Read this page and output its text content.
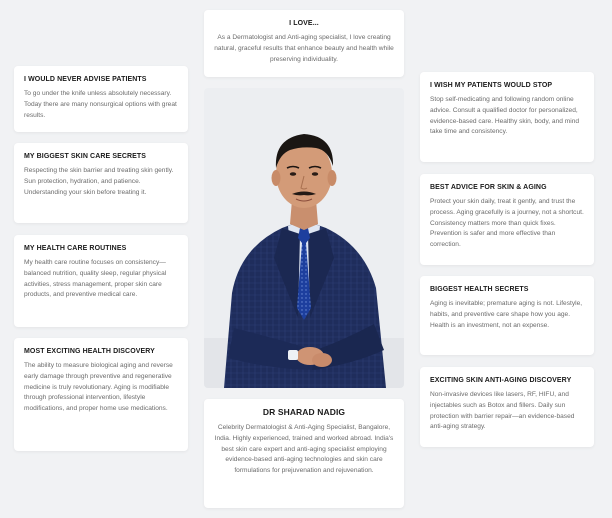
I LOVE...

As a Dermatologist and Anti-aging specialist, I love creating natural, graceful results that enhance beauty and health while preserving individuality.

I WOULD NEVER ADVISE PATIENTS

To go under the knife unless absolutely necessary. Today there are many nonsurgical options with great results.

MY BIGGEST SKIN CARE SECRETS

Respecting the skin barrier and treating skin gently. Sun protection, hydration, and patience. Understanding your skin before treating it.

MY HEALTH CARE ROUTINES

My health care routine focuses on consistency—balanced nutrition, quality sleep, regular physical activities, stress management, proper skin care products, and preventive medical care.

MOST EXCITING HEALTH DISCOVERY

The ability to measure biological aging and reverse early damage through preventive and regenerative medicine is truly revolutionary. Aging is modifiable through professional intervention, lifestyle modifications, and proper home use medications.	DR SHARAD NADIG

Celebrity Dermatologist & Anti-Aging Specialist, Bangalore, India. Highly experienced, trained and worked abroad. India's best skin care expert and anti-aging specialist employing evidence-based anti-aging technologies and skin care formulations for prejuvenation and rejuvenation.

I WISH MY PATIENTS WOULD STOP

Stop self-medicating and following random online advice. Consult a qualified doctor for personalized, evidence-based care. Healthy skin, body, and mind take time and consistency.

BEST ADVICE FOR SKIN & AGING

Protect your skin daily, treat it gently, and trust the process. Aging gracefully is a journey, not a shortcut. Consistency matters more than quick fixes. Prevention is safer and more effective than correction.

BIGGEST HEALTH SECRETS

Aging is inevitable; premature aging is not. Lifestyle, habits, and preventive care shape how you age. Health is an investment, not an expense.

EXCITING SKIN ANTI-AGING DISCOVERY

Non-invasive devices like lasers, RF, HIFU, and injectables such as Botox and fillers. Daily sun protection with barrier repair—an evidence-based anti-aging strategy.
